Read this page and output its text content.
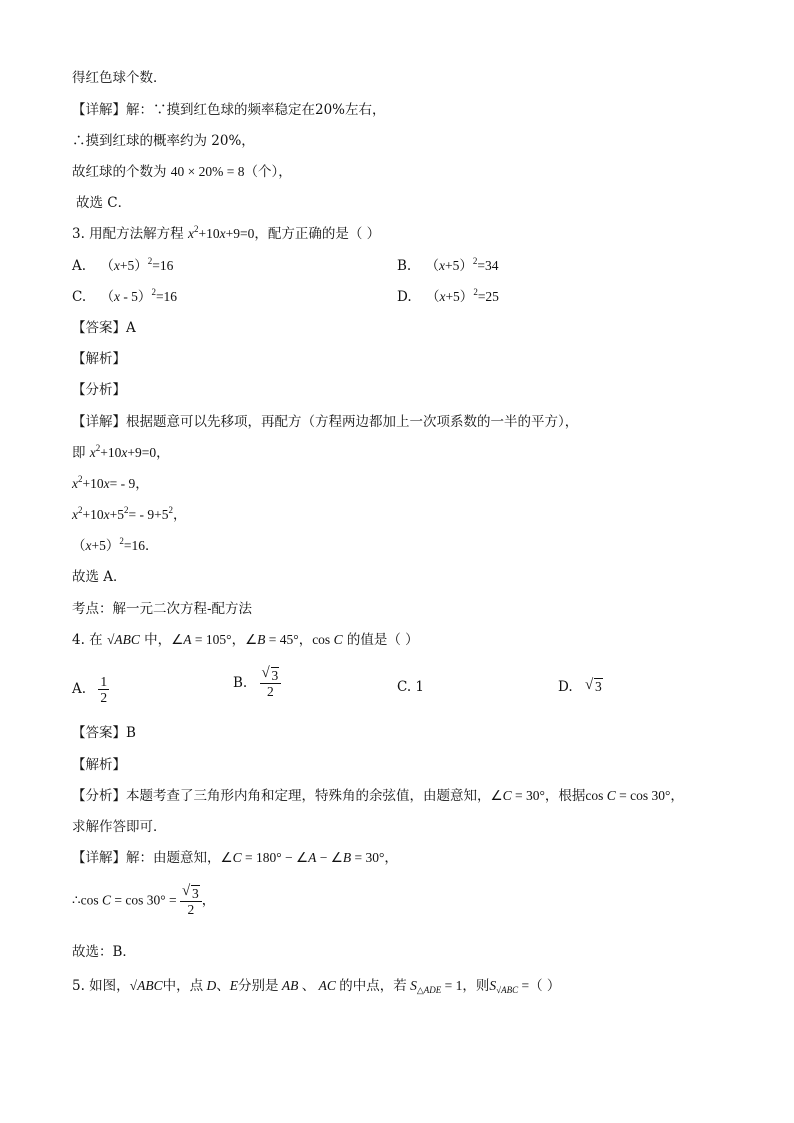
得红色球个数．
【详解】解：∵摸到红色球的频率稳定在20%左右，
∴摸到红球的概率约为 20%，
故红球的个数为 40 × 20% = 8（个），
故选 C．
3. 用配方法解方程 $x^2+10x+9=0$，配方正确的是（ ）
A. $(x+5)^2=16$	B. $(x+5)^2=34$
C. （x - 5）$^2$=16	D. $(x+5)^2=25$
【答案】A
【解析】
【分析】
【详解】根据题意可以先移项，再配方（方程两边都加上一次项系数的一半的平方），
即 $x^2+10x+9=0$，
$x^2+10x= - 9$，
$x^2+10x+5^2= - 9+5^2$，
$(x+5)^2=16$．
故选 A．
考点：解一元二次方程-配方法
4. 在 √ABC 中，∠A = 105°，∠B = 45°，cos C 的值是（ ）
A. $\frac{1}{2}$	B. $\frac{√ 3}{2}$	C. 1	D. √ 3
【答案】B
【解析】
【分析】本题考查了三角形内角和定理，特殊角的余弦值，由题意知，∠C = 30°，根据cos C = cos 30°，
求解作答即可．
【详解】解：由题意知，∠C = 180° − ∠A − ∠B = 30°，
∴cos $C = \cos 30^\circ = \frac{√ 3}{2}$ ，
故选：B．
5. 如图，√ABC中，点 D、E分别是 AB 、 AC 的中点，若 $S_{\triangle ADE} = 1$，则$S_{√ABC}$ =（ ）
